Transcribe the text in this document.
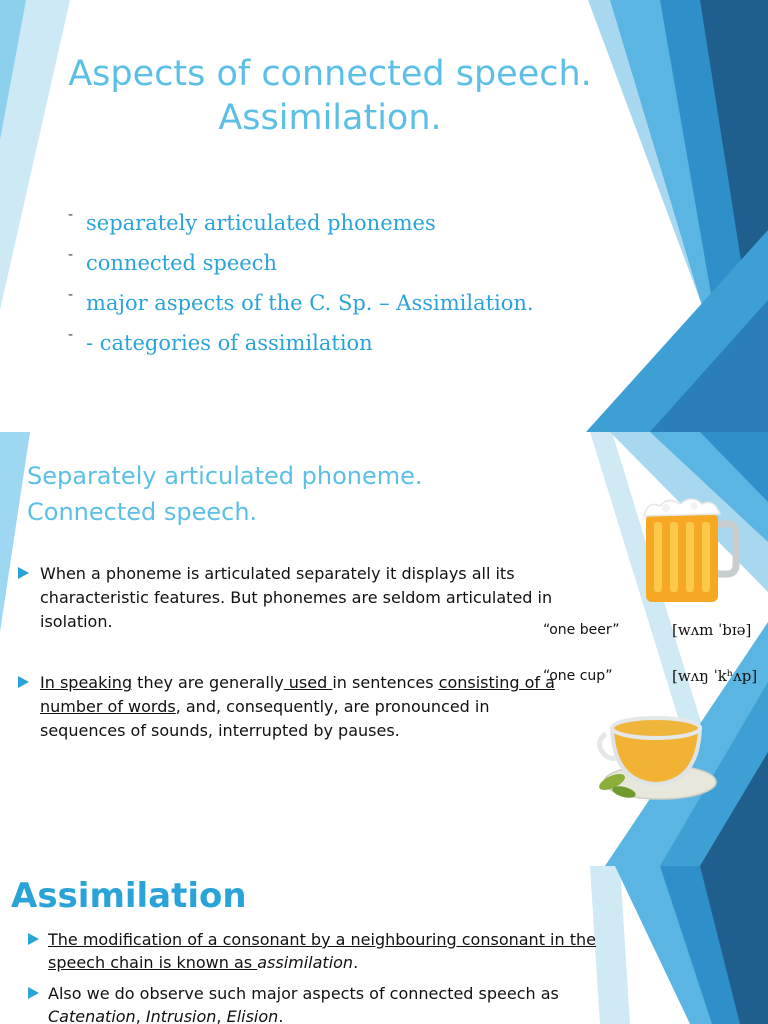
Aspects of connected speech.
Assimilation.
- separately articulated phonemes
- connected speech
- major aspects of the C. Sp. – Assimilation.
- - categories of assimilation
Separately articulated phoneme.
Connected speech.
When a phoneme is articulated separately it displays all its characteristic features. But phonemes are seldom articulated in isolation.
In speaking they are generally used in sentences consisting of a number of words, and, consequently, are pronounced in sequences of sounds, interrupted by pauses.
“one beer”	[wʌm ˈbɪə]
“one cup”	[wʌŋ ˈkʰʌp]
Assimilation
The modification of a consonant by a neighbouring consonant in the speech chain is known as assimilation.
Also we do observe such major aspects of connected speech as Catenation, Intrusion, Elision.
